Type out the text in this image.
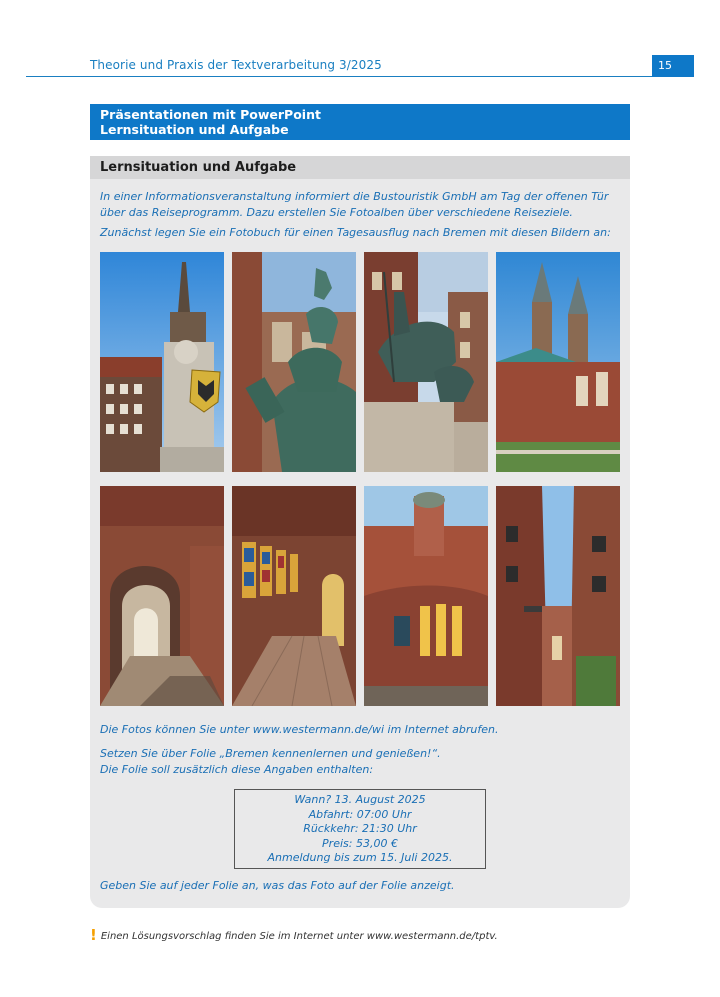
Theorie und Praxis der Textverarbeitung 3/2025	15
Präsentationen mit PowerPoint
Lernsituation und Aufgabe
Lernsituation und Aufgabe
In einer Informationsveranstaltung informiert die Bustouristik GmbH am Tag der offenen Tür über das Reiseprogramm. Dazu erstellen Sie Fotoalben über verschiedene Reiseziele.
Zunächst legen Sie ein Fotobuch für einen Tagesausflug nach Bremen mit diesen Bildern an:
Die Fotos können Sie unter www.westermann.de/wi im Internet abrufen.
Setzen Sie über Folie „Bremen kennenlernen und genießen!“.
Die Folie soll zusätzlich diese Angaben enthalten:
Wann? 13. August 2025
Abfahrt: 07:00 Uhr
Rückkehr: 21:30 Uhr
Preis: 53,00 €
Anmeldung bis zum 15. Juli 2025.
Geben Sie auf jeder Folie an, was das Foto auf der Folie anzeigt.
! Einen Lösungsvorschlag finden Sie im Internet unter www.westermann.de/tptv.
